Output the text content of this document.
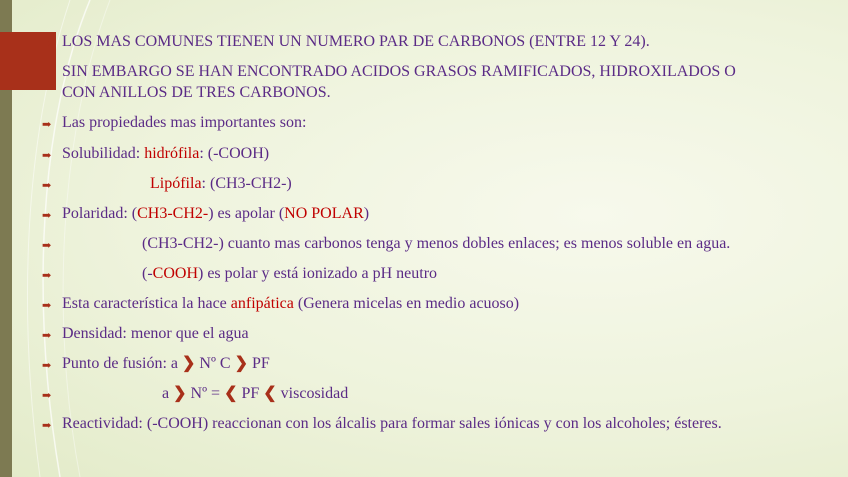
➡ LOS MAS COMUNES TIENEN UN NUMERO PAR DE CARBONOS (ENTRE 12 Y 24).
SIN EMBARGO SE HAN ENCONTRADO ACIDOS GRASOS RAMIFICADOS, HIDROXILADOS O
CON ANILLOS DE TRES CARBONOS.
➡ Las propiedades mas importantes son:
➡ Solubilidad: hidrófila: (-COOH)
➡	Lipófila: (CH3-CH2-)
➡ Polaridad: (CH3-CH2-) es apolar (NO POLAR)
➡	(CH3-CH2-) cuanto mas carbonos tenga y menos dobles enlaces; es menos soluble en agua.
➡	(-COOH) es polar y está ionizado a pH neutro
➡ Esta característica la hace anfipática (Genera micelas en medio acuoso)
➡ Densidad: menor que el agua
➡ Punto de fusión: a ❯ Nº C ❯ PF
➡	a ❯ Nº = ❮ PF ❮ viscosidad
➡ Reactividad: (-COOH) reaccionan con los álcalis para formar sales iónicas y con los alcoholes; ésteres.
